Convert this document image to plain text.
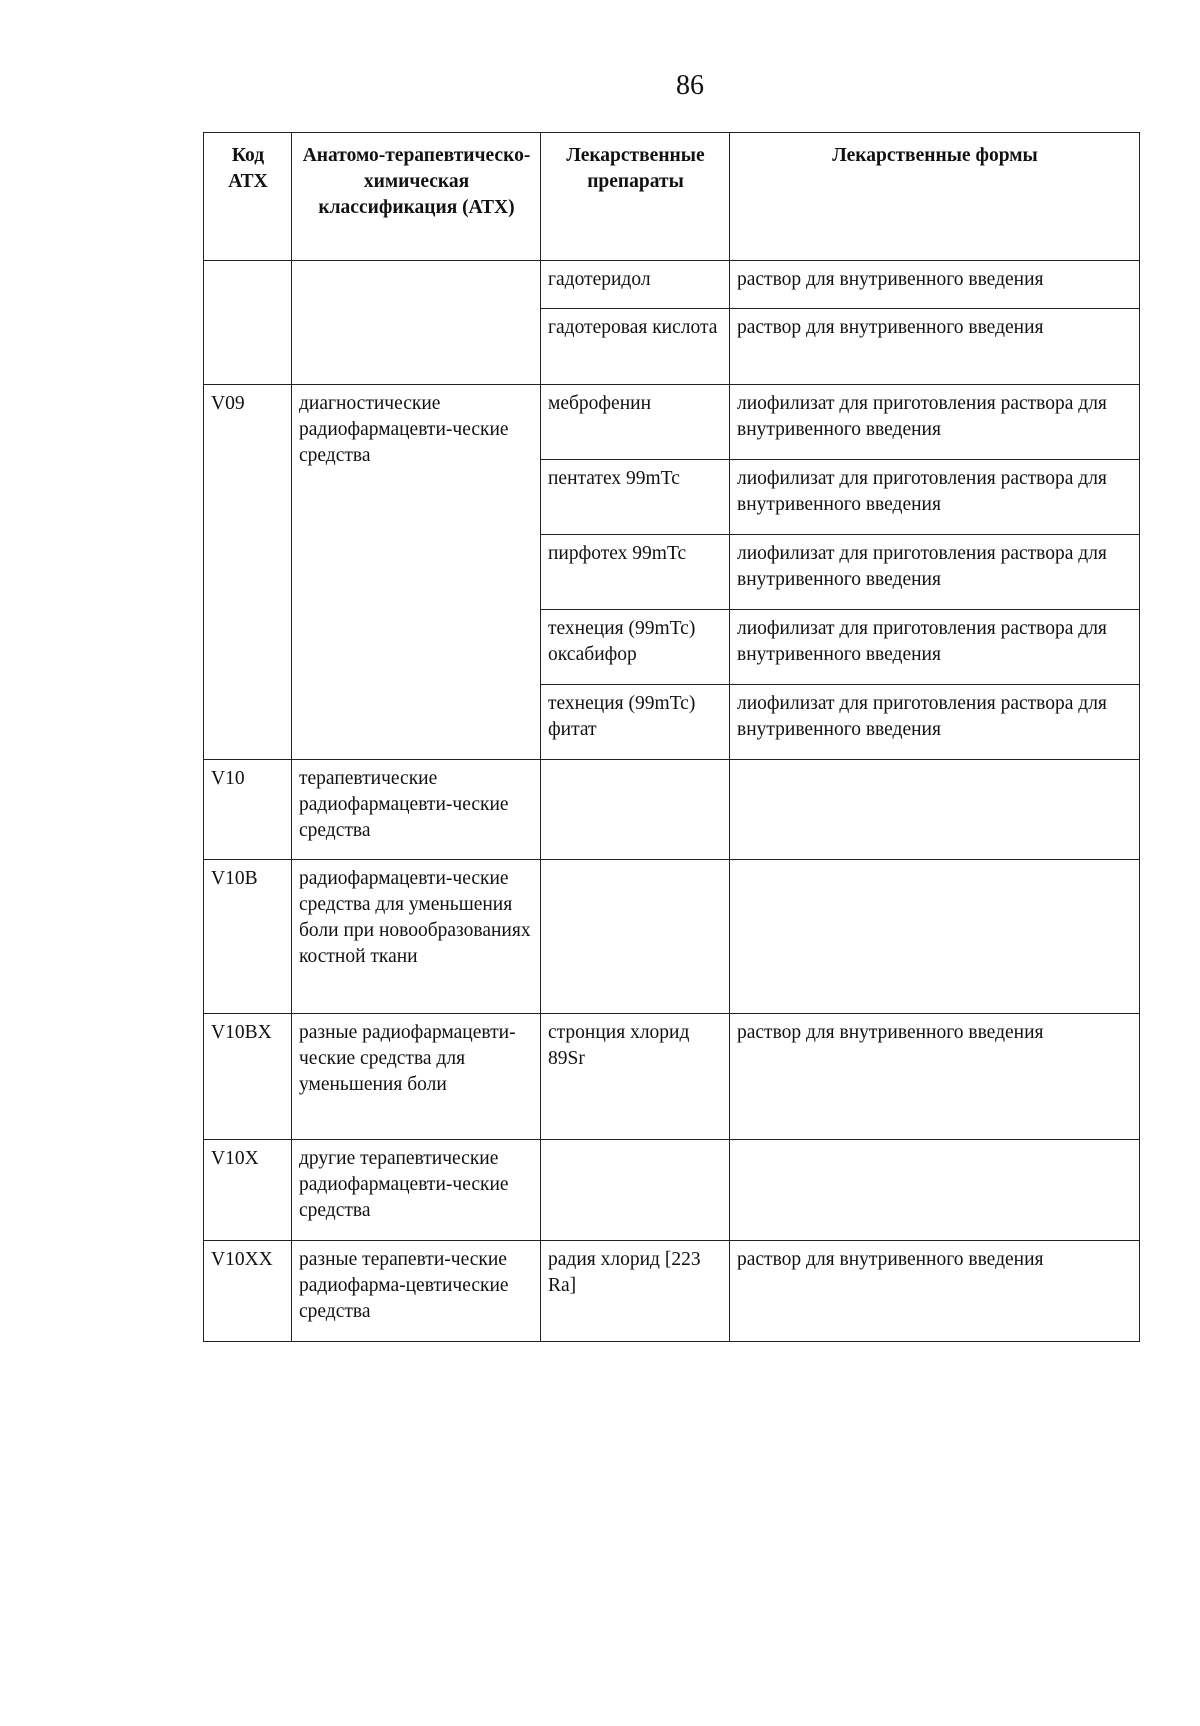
86
Код АТХ	Анатомо-терапевтическо-химическая классификация (АТХ)	Лекарственные препараты	Лекарственные формы
		гадотеридол	раствор для внутривенного введения
		гадотеровая кислота	раствор для внутривенного введения
V09	диагностические радиофармацевти-ческие средства	меброфенин	лиофилизат для приготовления раствора для внутривенного введения
		пентатех 99mTc	лиофилизат для приготовления раствора для внутривенного введения
		пирфотех 99mTc	лиофилизат для приготовления раствора для внутривенного введения
		технеция (99mTc) оксабифор	лиофилизат для приготовления раствора для внутривенного введения
		технеция (99mTc) фитат	лиофилизат для приготовления раствора для внутривенного введения
V10	терапевтические радиофармацевти-ческие средства		
V10B	радиофармацевти-ческие средства для уменьшения боли при новообразованиях костной ткани		
V10BX	разные радиофармацевти-ческие средства для уменьшения боли	стронция хлорид 89Sr	раствор для внутривенного введения
V10X	другие терапевтические радиофармацевти-ческие средства		
V10XX	разные терапевти-ческие радиофарма-цевтические средства	радия хлорид [223 Ra]	раствор для внутривенного введения
